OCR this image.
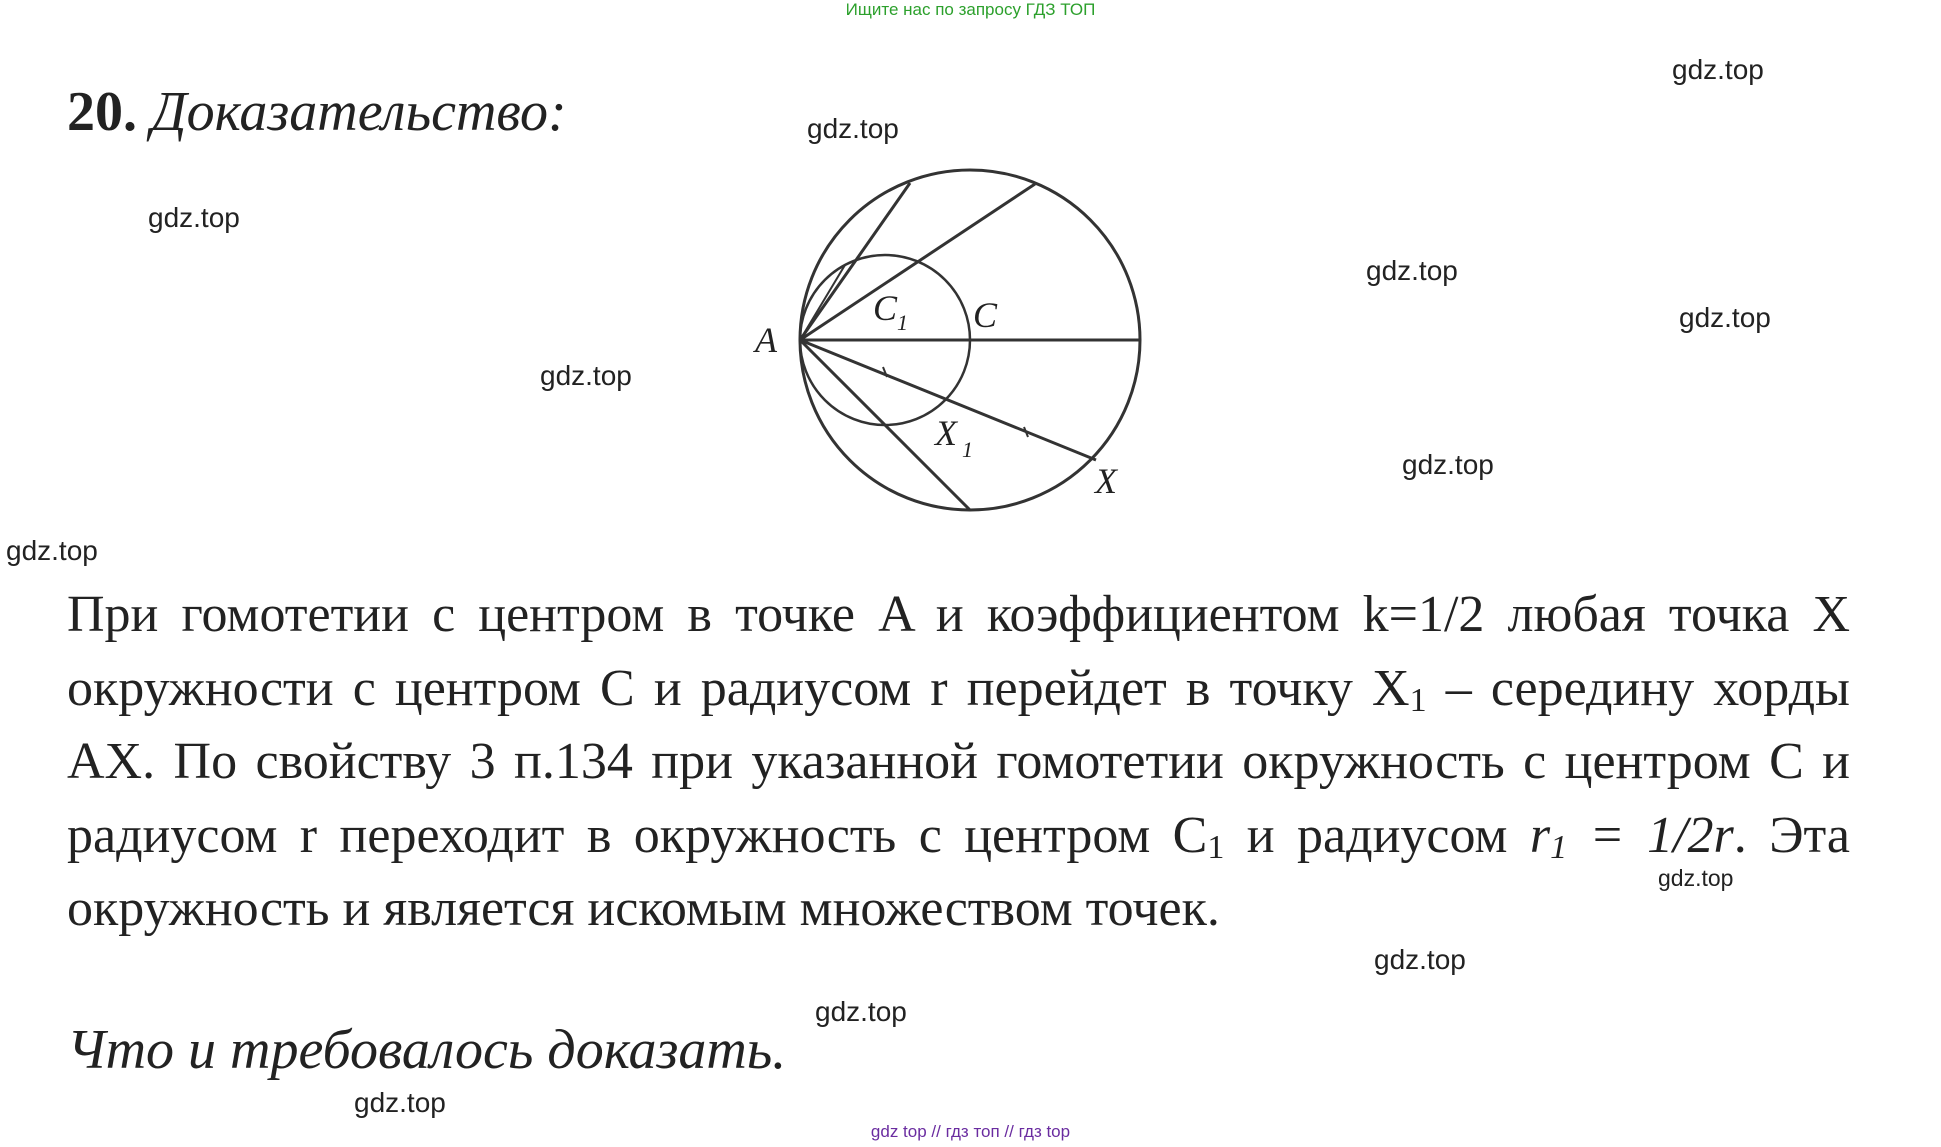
Ищите нас по запросу ГДЗ ТОП
gdz.top
gdz.top
gdz.top
gdz.top
gdz.top
gdz.top
gdz.top
gdz.top
gdz.top
gdz.top
gdz.top
gdz.top
20. Доказательство:
A
C 1 C
X 1
X
При гомотетии с центром в точке A и коэффициентом k=1/2 любая точка X окружности с центром C и радиусом r перейдет в точку $X_1$ – серединy хорды AX. По свойству 3 п.134 при указанной гомотетии окружность с центром C и радиусом r переходит в окружность с центром $C_1$ и радиусом $r_1 = 1/2r$. Эта окружность и является искомым множеством точек.
Что и требовалось доказать.
gdz top // гдз топ // гдз top
